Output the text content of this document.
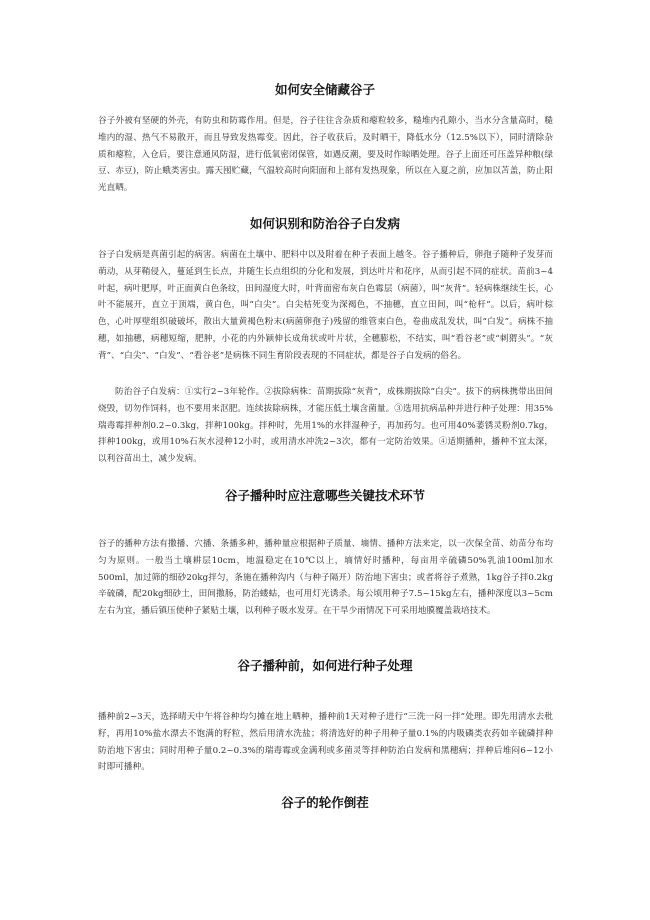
如何安全储藏谷子

谷子外被有坚硬的外壳，有防虫和防霉作用。但是，谷子往往含杂质和瘪粒较多，糙堆内孔隙小，当水分含量高时，糙堆内的湿、热气不易散开，而且导致发热霉变。因此，谷子收获后，及时晒干，降低水分（12.5%以下），同时清除杂质和瘪粒，入仓后，要注意通风防湿，进行低氧密闭保管，如遇反潮，要及时作晾晒处理。谷子上面还可压盖异种粮(绿豆、赤豆)，防止蛾类害虫。露天囤贮藏，气温较高时向阳面和上部有发热现象，所以在入夏之前，应加以苫盖，防止阳光直晒。

如何识别和防治谷子白发病

谷子白发病是真菌引起的病害。病菌在土壤中、肥料中以及附着在种子表面上越冬。谷子播种后，卵孢子随种子发芽而萌动，从芽鞘侵入，蔓延到生长点，并随生长点组织的分化和发展，到达叶片和花序，从而引起不同的症状。苗前3~4叶起，病叶肥厚，叶正面黄白色条纹，田间湿度大时，叶背面密布灰白色霉层（病菌），叫“灰背”。轻病株继续生长，心叶不能展开，直立于顶端，黄白色，叫“白尖”。白尖枯死变为深褐色，不抽穗，直立田间，叫“枪杆”。以后，病叶棕色，心叶厚壁组织破破坏，散出大量黄褐色粉末(病菌卵孢子)残留的维管束白色，卷曲成乱发状，叫“白发”。病株不抽穗，如抽穗，病穗短缩，肥肿，小花的内外颖伸长成角状或叶片状，全穗膨松，不结实，叫“看谷老”或“刺猬头”。“灰背”、“白尖”、“白发”、“看谷老”是病株不同生育阶段表现的不同症状，都是谷子白发病的俗名。

防治谷子白发病：①实行2~3年轮作。②拔除病株：苗期拔除“灰背”，成株期拔除“白尖”。拔下的病株携带出田间烧毁，切勿作饲料，也不要用来沤肥。连续拔除病株，才能压低土壤含菌量。③选用抗病品种并进行种子处理：用35%瑞毒霉拌种剂0.2~0.3kg，拌种100kg。拌种时，先用1%的水拌湿种子，再加药匀。也可用40%萎锈灵粉剂0.7kg，拌种100kg，或用10%石灰水浸种12小时，或用清水冲洗2~3次，都有一定防治效果。④适期播种，播种不宜太深，以利谷苗出土，减少发病。

谷子播种时应注意哪些关键技术环节

谷子的播种方法有撒播、穴播、条播多种，播种量应根据种子质量、墒情、播种方法来定，以一次保全苗、幼苗分布均匀为原则。一般当土壤耕层10cm，地温稳定在10℃以上，墒情好时播种，每亩用辛硫磷50%乳油100ml加水500ml，加过筛的细砂20kg拌匀，条施在播种沟内（与种子隔开）防治地下害虫；或者将谷子煮熟，1kg谷子拌0.2kg辛硫磷，配20kg细砂土，田间撒肠，防治蝼蛄，也可用灯光诱杀。每公顷用种子7.5~15kg左右，播种深度以3~5cm左右为宜，播后镇压使种子紧贴土壤，以利种子吸水发芽。在干旱少雨情况下可采用地膜覆盖栽培技术。

谷子播种前，如何进行种子处理

播种前2~3天，选择晴天中午将谷种均匀摊在地上晒种，播种前1天对种子进行“三洗一闷一拌”处理。即先用清水去秕籽，再用10%盐水漂去不饱满的籽粒，然后用清水洗盐；将清选好的种子用种子量0.1%的内吸磷类农药如辛硫磷拌种防治地下害虫；同时用种子量0.2~0.3%的瑞毒霉或金满利或多菌灵等拌种防治白发病和黑穗病；拌种后堆闷6~12小时即可播种。

谷子的轮作倒茬
